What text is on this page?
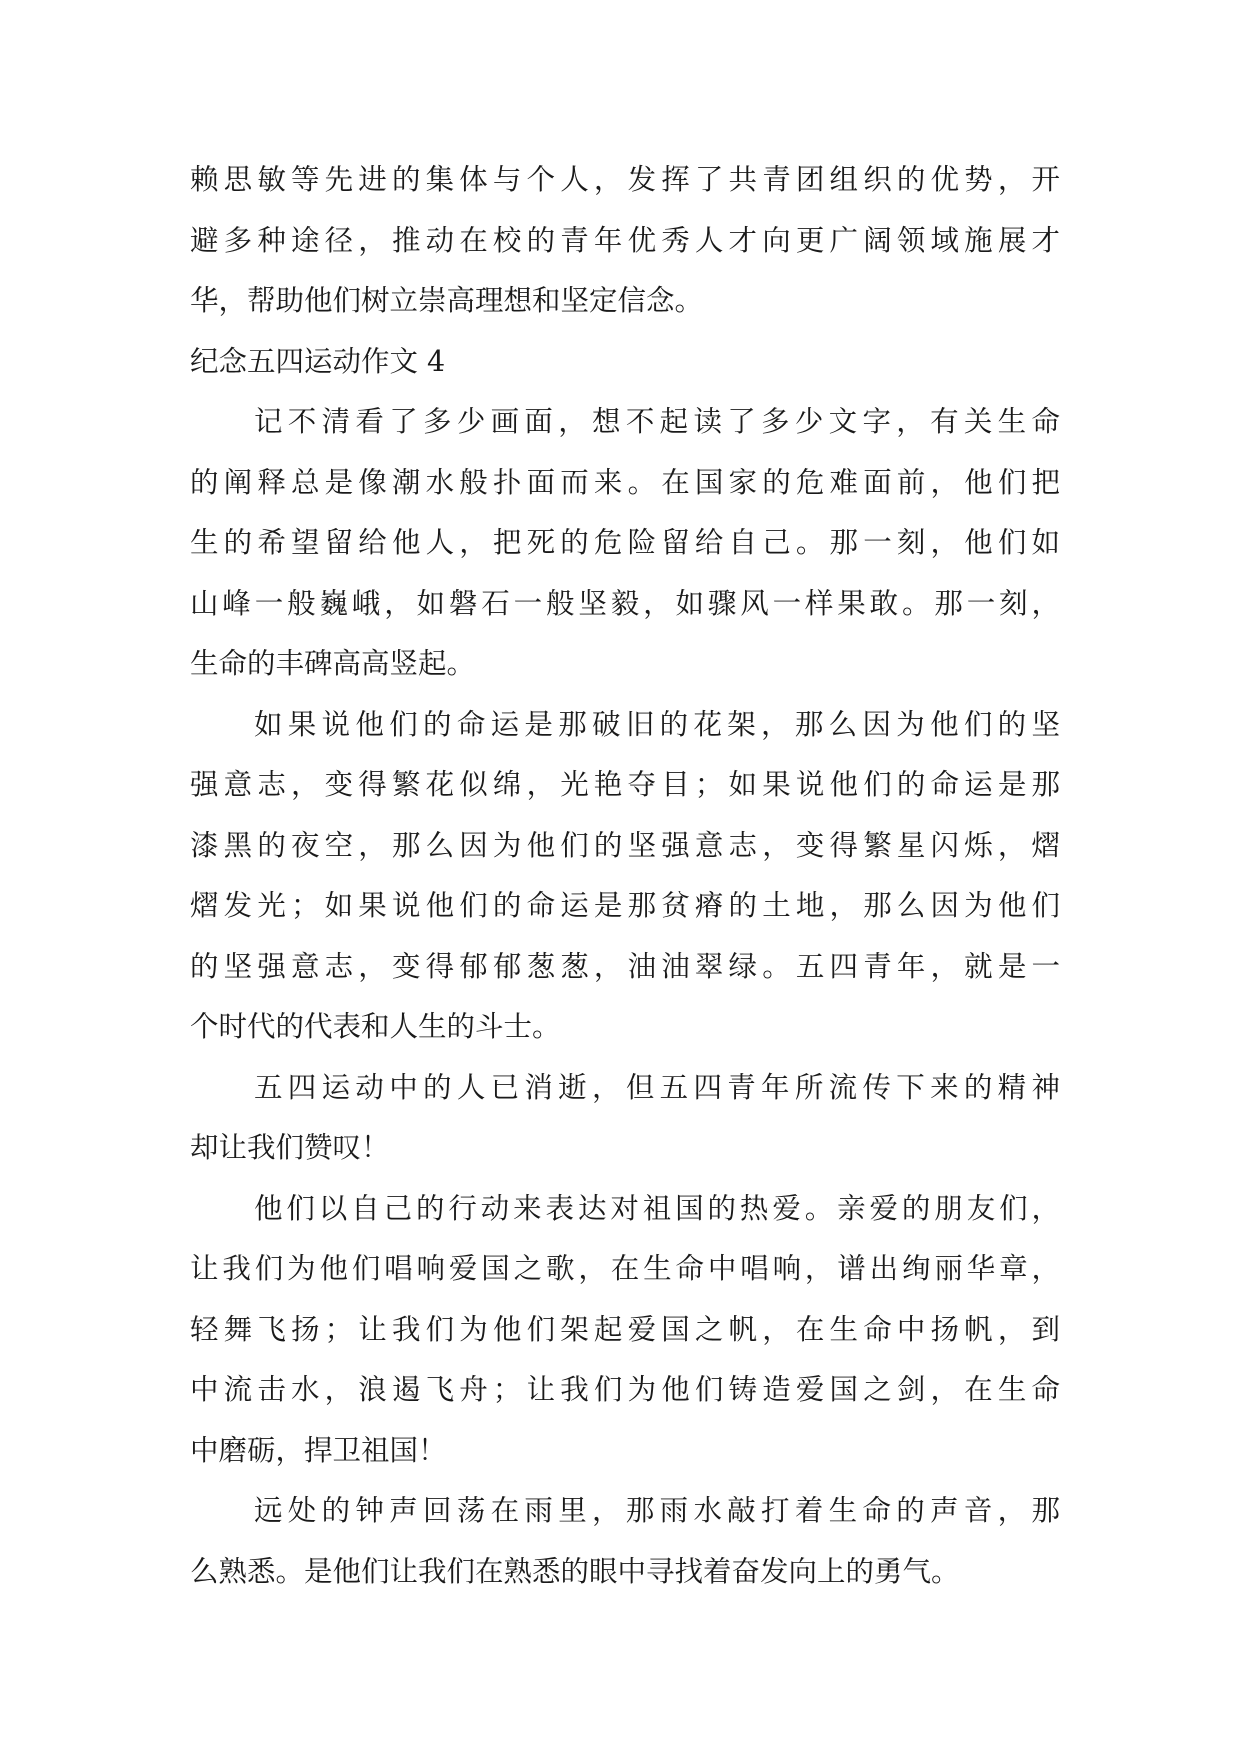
赖思敏等先进的集体与个人，发挥了共青团组织的优势，开
避多种途径，推动在校的青年优秀人才向更广阔领域施展才
华，帮助他们树立崇高理想和坚定信念。
纪念五四运动作文 4
记不清看了多少画面，想不起读了多少文字，有关生命
的阐释总是像潮水般扑面而来。在国家的危难面前，他们把
生的希望留给他人，把死的危险留给自己。那一刻，他们如
山峰一般巍峨，如磐石一般坚毅，如骤风一样果敢。那一刻，
生命的丰碑高高竖起。
如果说他们的命运是那破旧的花架，那么因为他们的坚
强意志，变得繁花似绵，光艳夺目；如果说他们的命运是那
漆黑的夜空，那么因为他们的坚强意志，变得繁星闪烁，熠
熠发光；如果说他们的命运是那贫瘠的土地，那么因为他们
的坚强意志，变得郁郁葱葱，油油翠绿。五四青年，就是一
个时代的代表和人生的斗士。
五四运动中的人已消逝，但五四青年所流传下来的精神
却让我们赞叹！
他们以自己的行动来表达对祖国的热爱。亲爱的朋友们，
让我们为他们唱响爱国之歌，在生命中唱响，谱出绚丽华章，
轻舞飞扬；让我们为他们架起爱国之帆，在生命中扬帆，到
中流击水，浪遏飞舟；让我们为他们铸造爱国之剑，在生命
中磨砺，捍卫祖国！
远处的钟声回荡在雨里，那雨水敲打着生命的声音，那
么熟悉。是他们让我们在熟悉的眼中寻找着奋发向上的勇气。
